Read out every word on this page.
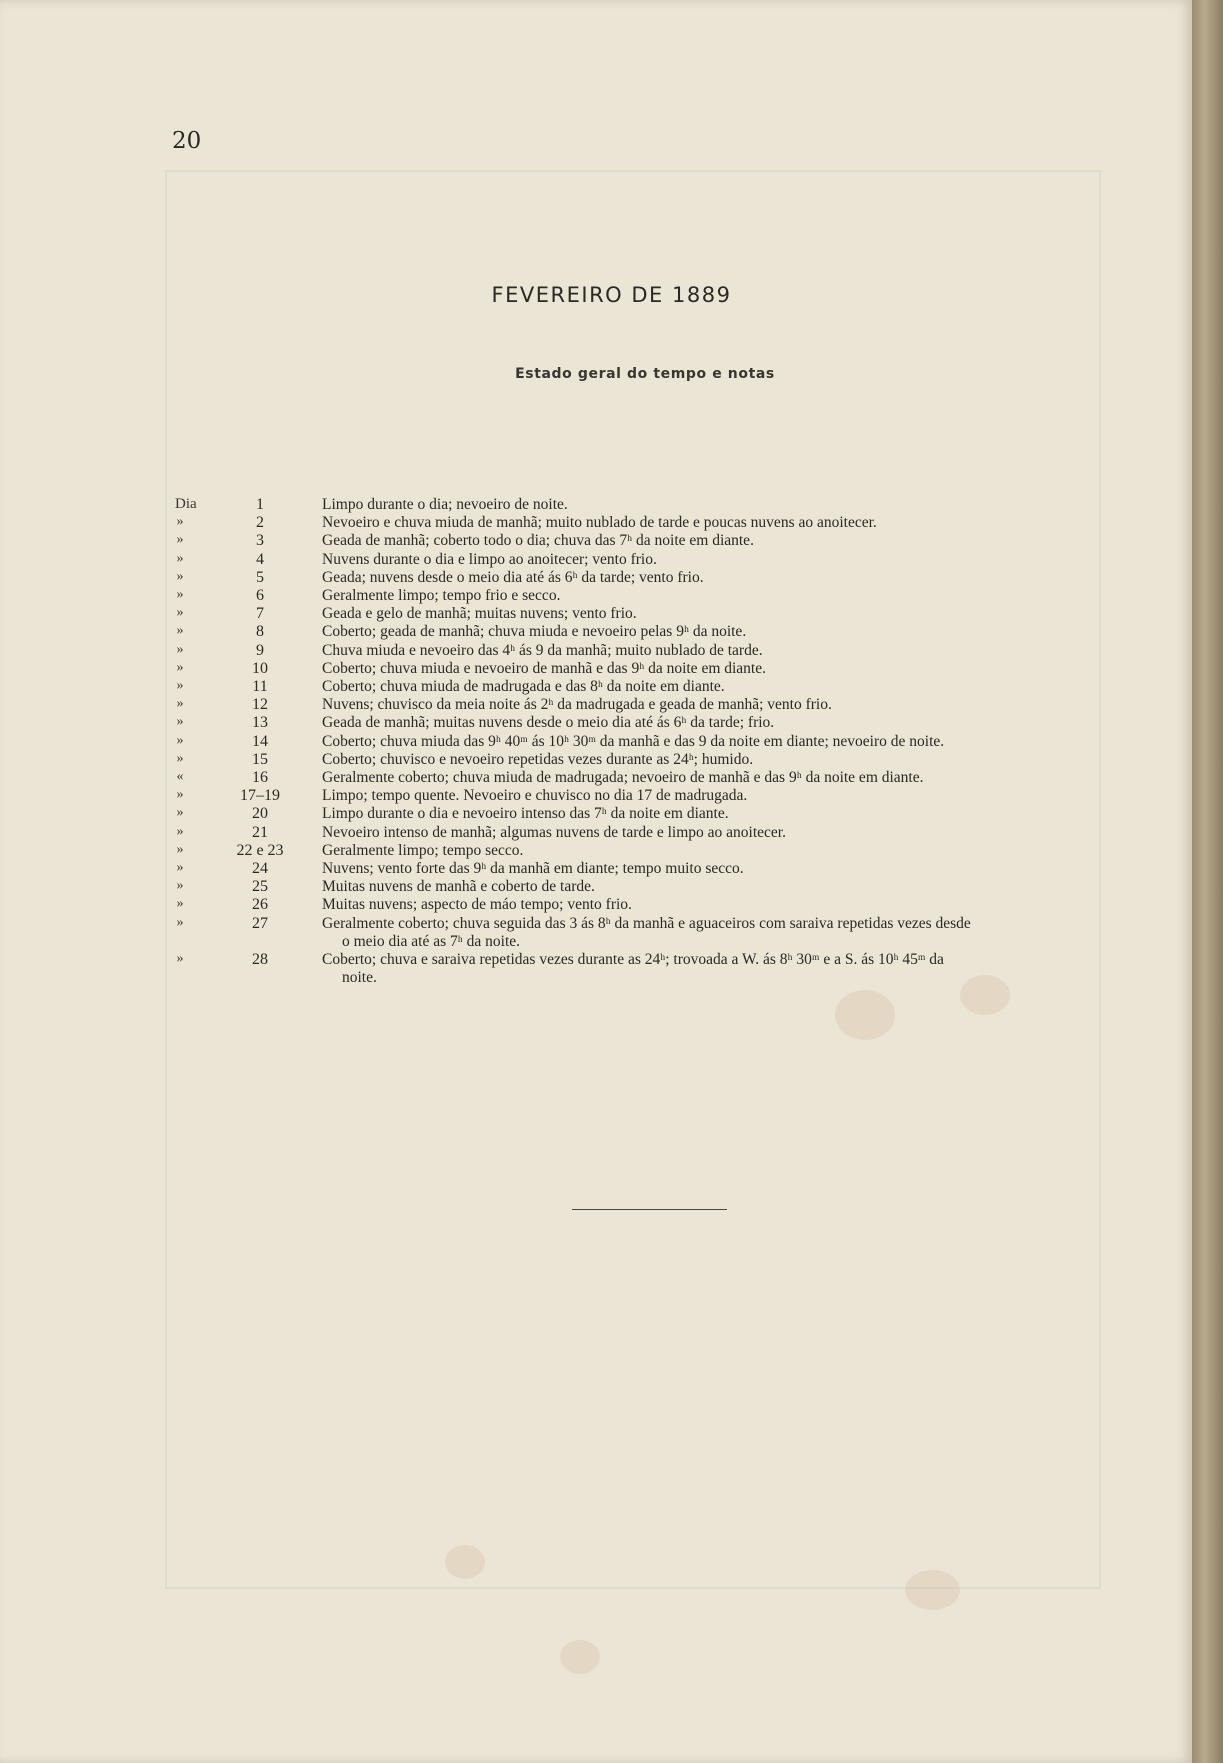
20
FEVEREIRO DE 1889
Estado geral do tempo e notas
Dia	1	Limpo durante o dia; nevoeiro de noite.
»	2	Nevoeiro e chuva miuda de manhã; muito nublado de tarde e poucas nuvens ao anoitecer.
»	3	Geada de manhã; coberto todo o dia; chuva das 7ʰ da noite em diante.
»	4	Nuvens durante o dia e limpo ao anoitecer; vento frio.
»	5	Geada; nuvens desde o meio dia até ás 6ʰ da tarde; vento frio.
»	6	Geralmente limpo; tempo frio e secco.
»	7	Geada e gelo de manhã; muitas nuvens; vento frio.
»	8	Coberto; geada de manhã; chuva miuda e nevoeiro pelas 9ʰ da noite.
»	9	Chuva miuda e nevoeiro das 4ʰ ás 9 da manhã; muito nublado de tarde.
»	10	Coberto; chuva miuda e nevoeiro de manhã e das 9ʰ da noite em diante.
»	11	Coberto; chuva miuda de madrugada e das 8ʰ da noite em diante.
»	12	Nuvens; chuvisco da meia noite ás 2ʰ da madrugada e geada de manhã; vento frio.
»	13	Geada de manhã; muitas nuvens desde o meio dia até ás 6ʰ da tarde; frio.
»	14	Coberto; chuva miuda das 9ʰ 40ᵐ ás 10ʰ 30ᵐ da manhã e das 9 da noite em diante; nevoeiro de noite.
»	15	Coberto; chuvisco e nevoeiro repetidas vezes durante as 24ʰ; humido.
«	16	Geralmente coberto; chuva miuda de madrugada; nevoeiro de manhã e das 9ʰ da noite em diante.
»	17–19	Limpo; tempo quente. Nevoeiro e chuvisco no dia 17 de madrugada.
»	20	Limpo durante o dia e nevoeiro intenso das 7ʰ da noite em diante.
»	21	Nevoeiro intenso de manhã; algumas nuvens de tarde e limpo ao anoitecer.
»	22 e 23	Geralmente limpo; tempo secco.
»	24	Nuvens; vento forte das 9ʰ da manhã em diante; tempo muito secco.
»	25	Muitas nuvens de manhã e coberto de tarde.
»	26	Muitas nuvens; aspecto de máo tempo; vento frio.
»	27	Geralmente coberto; chuva seguida das 3 ás 8ʰ da manhã e aguaceiros com saraiva repetidas vezes desde
o meio dia até as 7ʰ da noite.
»	28	Coberto; chuva e saraiva repetidas vezes durante as 24ʰ; trovoada a W. ás 8ʰ 30ᵐ e a S. ás 10ʰ 45ᵐ da
noite.
